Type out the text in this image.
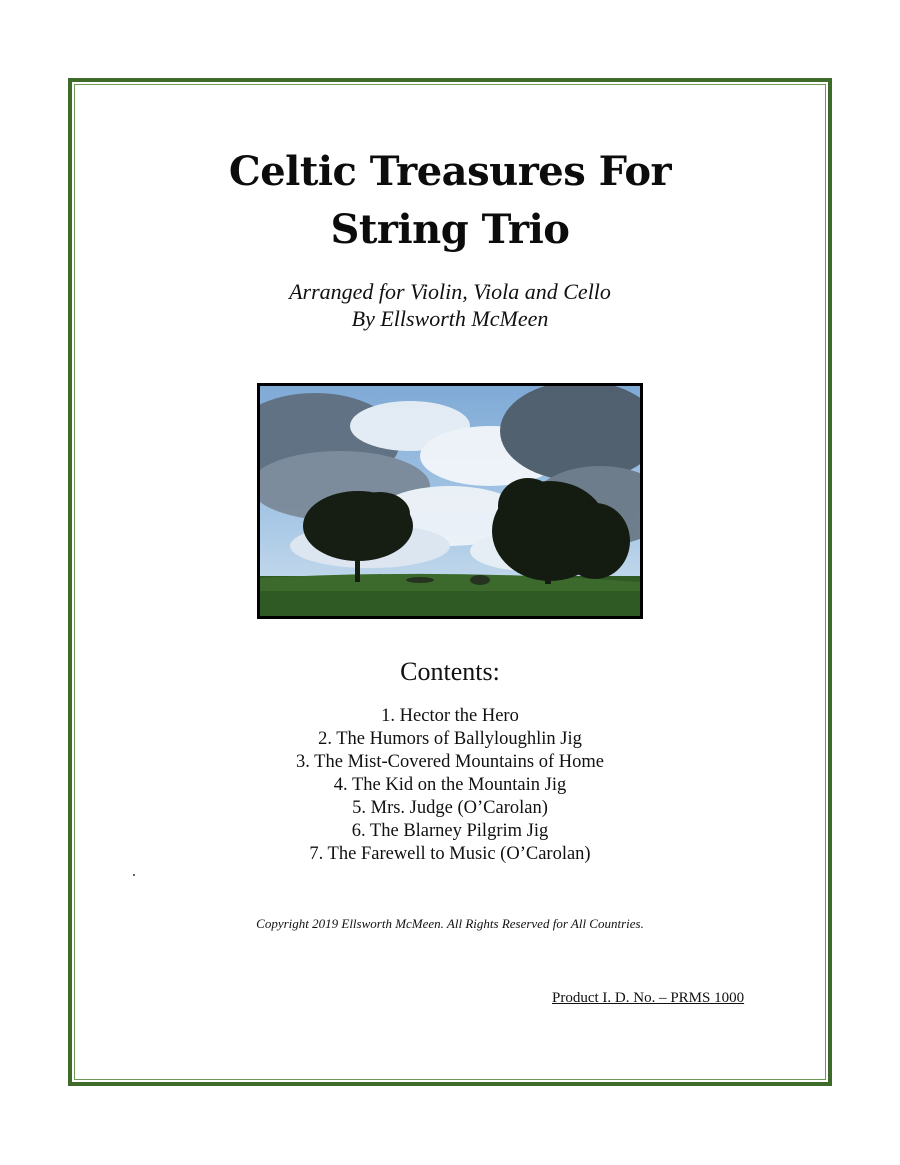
Celtic Treasures For
String Trio
Arranged for Violin, Viola and Cello
By Ellsworth McMeen
Contents:
1. Hector the Hero
2. The Humors of Ballyloughlin Jig
3. The Mist-Covered Mountains of Home
4. The Kid on the Mountain Jig
5. Mrs. Judge (O’Carolan)
6. The Blarney Pilgrim Jig
7. The Farewell to Music (O’Carolan)
Copyright 2019 Ellsworth McMeen. All Rights Reserved for All Countries.
Product I. D. No. – PRMS 1000
